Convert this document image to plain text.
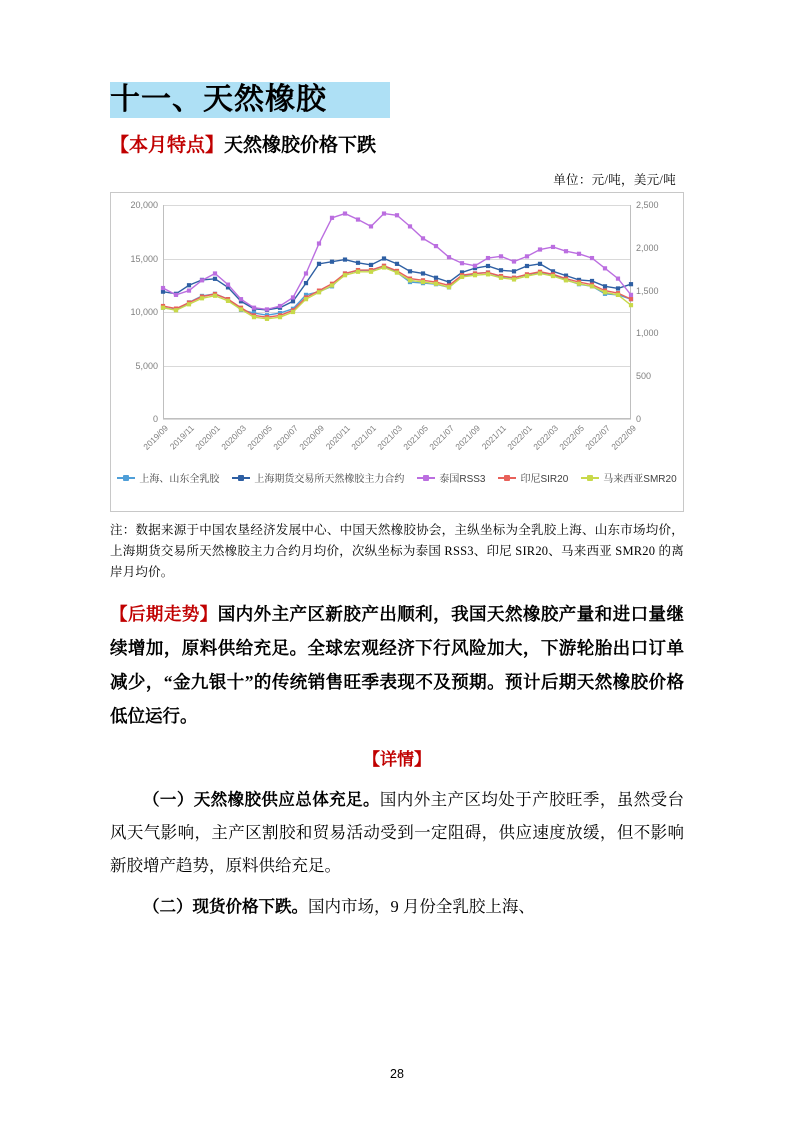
十一、天然橡胶
【本月特点】天然橡胶价格下跌
单位：元/吨，美元/吨
0
5,000
10,000
15,000
20,000
0
500
1,000
1,500
2,000
2,500
2019/09
2019/11
2020/01
2020/03
2020/05
2020/07
2020/09
2020/11
2021/01
2021/03
2021/05
2021/07
2021/09
2021/11
2022/01
2022/03
2022/05
2022/07
2022/09
上海、山东全乳胶	上海期货交易所天然橡胶主力合约	泰国RSS3	印尼SIR20	马来西亚SMR20
注：数据来源于中国农垦经济发展中心、中国天然橡胶协会，主纵坐标为全乳胶上海、山东市场均价，上海期货交易所天然橡胶主力合约月均价，次纵坐标为泰国 RSS3、印尼 SIR20、马来西亚 SMR20 的离岸月均价。
【后期走势】国内外主产区新胶产出顺利，我国天然橡胶产量和进口量继续增加，原料供给充足。全球宏观经济下行风险加大，下游轮胎出口订单减少，“金九银十”的传统销售旺季表现不及预期。预计后期天然橡胶价格低位运行。
【详情】
（一）天然橡胶供应总体充足。国内外主产区均处于产胶旺季，虽然受台风天气影响，主产区割胶和贸易活动受到一定阻碍，供应速度放缓，但不影响新胶增产趋势，原料供给充足。
（二）现货价格下跌。国内市场，9 月份全乳胶上海、
28
